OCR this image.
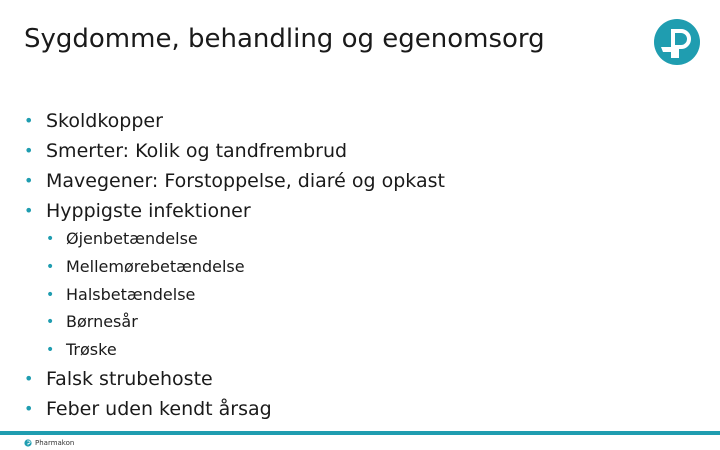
Sygdomme, behandling og egenomsorg
• Skoldkopper
• Smerter: Kolik og tandfrembrud
• Mavegener: Forstoppelse, diaré og opkast
• Hyppigste infektioner
• Øjenbetændelse
• Mellemørebetændelse
• Halsbetændelse
• Børnesår
• Trøske
• Falsk strubehoste
• Feber uden kendt årsag
Pharmakon
